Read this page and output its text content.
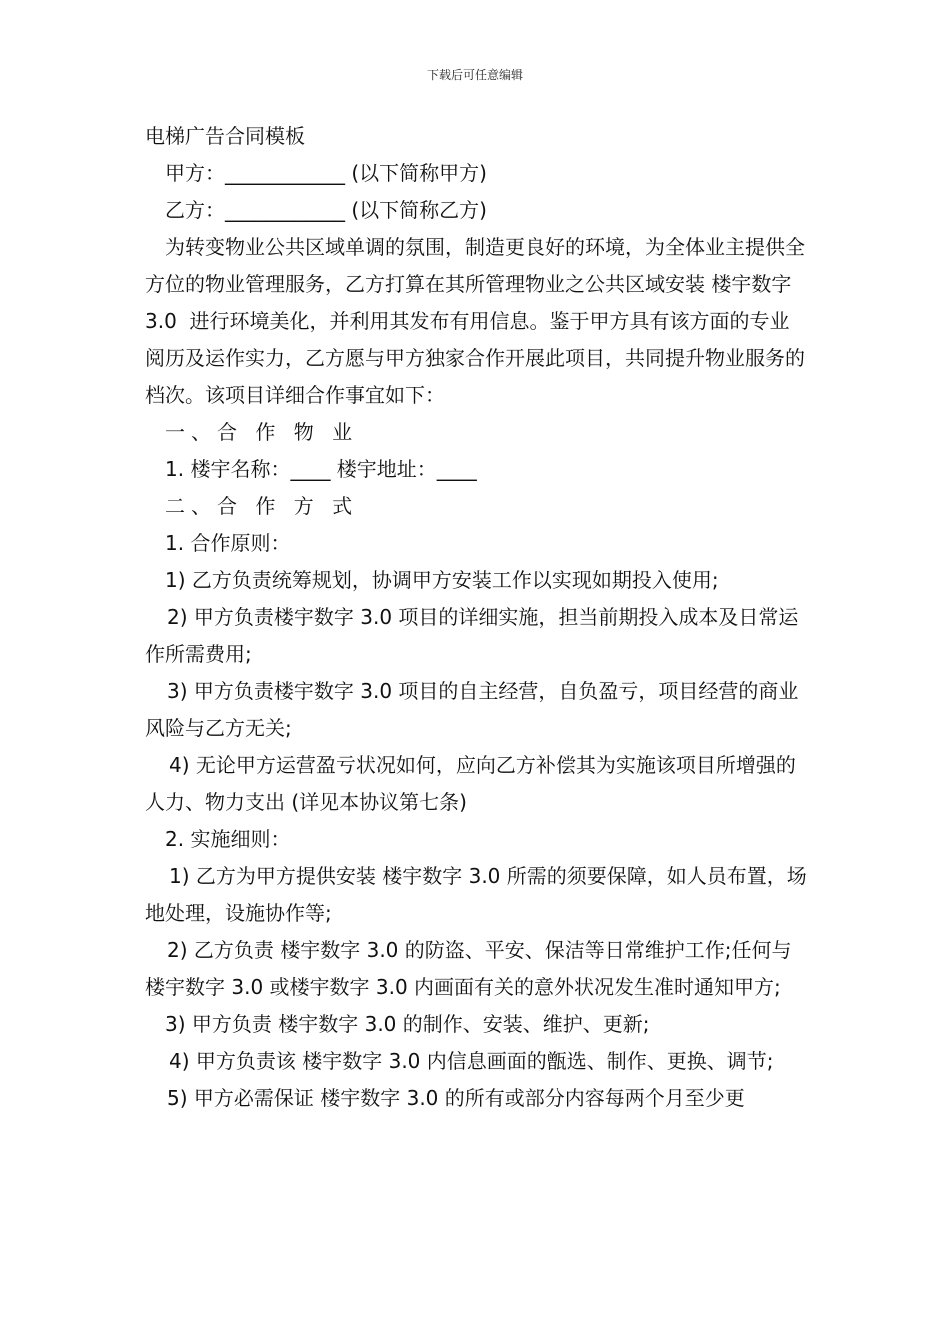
下载后可任意编辑

电梯广告合同模板

甲方：____________ (以下简称甲方)

乙方：____________ (以下简称乙方)

为转变物业公共区域单调的氛围，制造更良好的环境，为全体业主提供全方位的物业管理服务，乙方打算在其所管理物业之公共区域安装 楼宇数字 3.0  进行环境美化，并利用其发布有用信息。鉴于甲方具有该方面的专业阅历及运作实力，乙方愿与甲方独家合作开展此项目，共同提升物业服务的档次。该项目详细合作事宜如下：

一、合 作 物 业

1. 楼宇名称：____ 楼宇地址：____

二、合 作 方 式

1. 合作原则：

1) 乙方负责统筹规划，协调甲方安装工作以实现如期投入使用;

2) 甲方负责楼宇数字 3.0 项目的详细实施，担当前期投入成本及日常运作所需费用;

3) 甲方负责楼宇数字 3.0 项目的自主经营，自负盈亏，项目经营的商业风险与乙方无关;

4) 无论甲方运营盈亏状况如何，应向乙方补偿其为实施该项目所增强的人力、物力支出 (详见本协议第七条)

2. 实施细则：

1) 乙方为甲方提供安装 楼宇数字 3.0 所需的须要保障，如人员布置，场地处理，设施协作等;

2) 乙方负责 楼宇数字 3.0 的防盗、平安、保洁等日常维护工作;任何与楼宇数字 3.0 或楼宇数字 3.0 内画面有关的意外状况发生准时通知甲方;

3) 甲方负责 楼宇数字 3.0 的制作、安装、维护、更新;

4) 甲方负责该 楼宇数字 3.0 内信息画面的甑选、制作、更换、调节;

5) 甲方必需保证 楼宇数字 3.0 的所有或部分内容每两个月至少更
